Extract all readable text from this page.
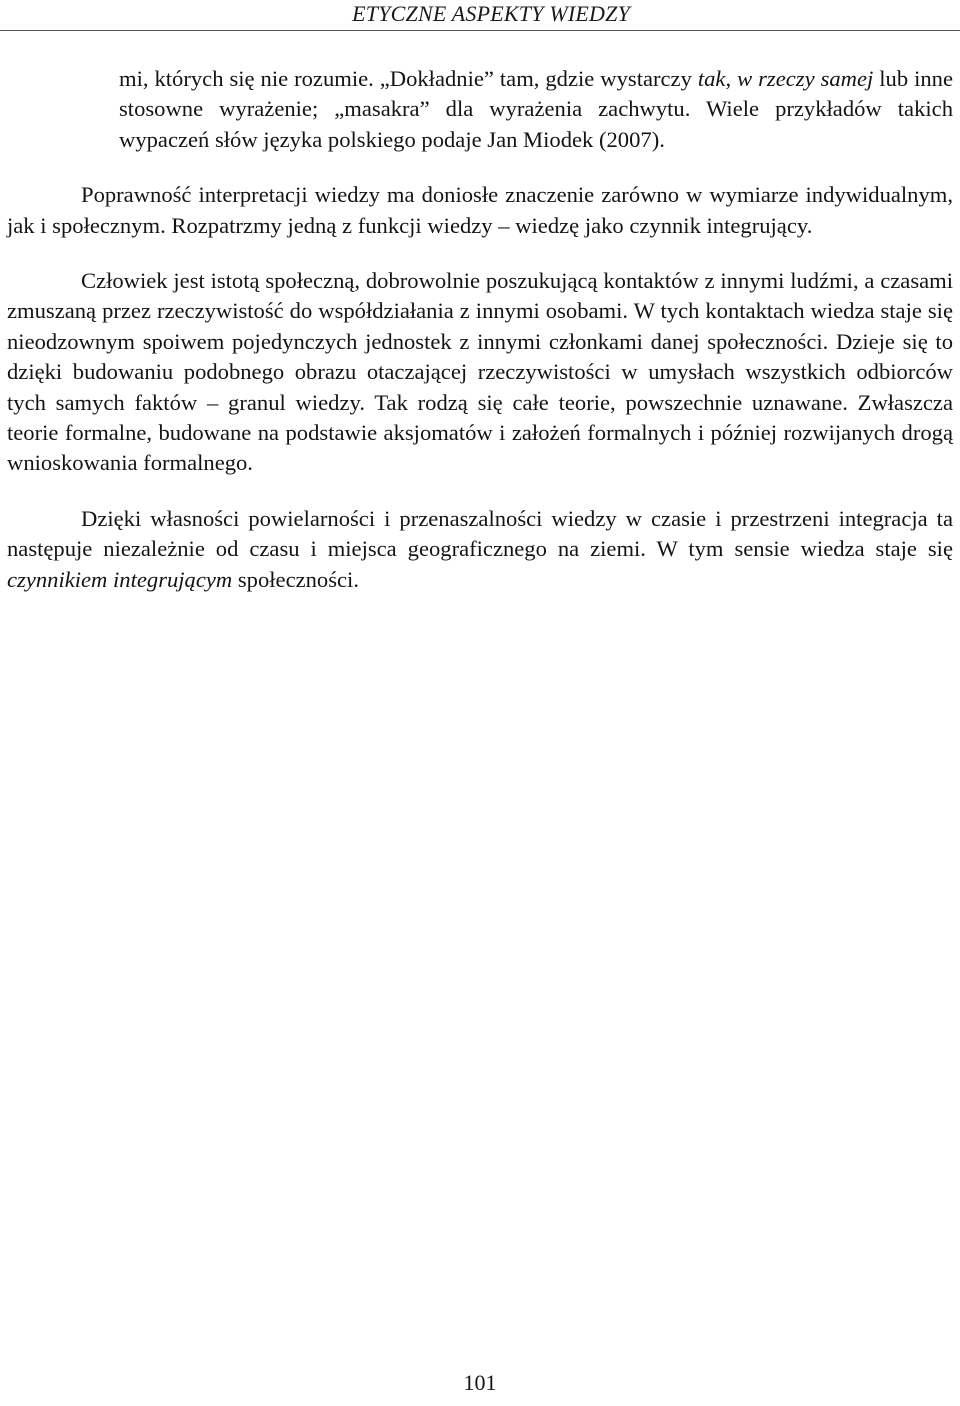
ETYCZNE ASPEKTY WIEDZY

mi, których się nie rozumie. „Dokładnie” tam, gdzie wystarczy tak, w rzeczy samej lub inne stosowne wyrażenie; „masakra” dla wyrażenia zachwytu. Wiele przykładów takich wypaczeń słów języka polskiego podaje Jan Miodek (2007).

Poprawność interpretacji wiedzy ma doniosłe znaczenie zarówno w wymiarze indywidualnym, jak i społecznym. Rozpatrzmy jedną z funkcji wiedzy – wiedzę jako czynnik integrujący.

Człowiek jest istotą społeczną, dobrowolnie poszukującą kontaktów z innymi ludźmi, a czasami zmuszaną przez rzeczywistość do współdziałania z innymi osobami. W tych kontaktach wiedza staje się nieodzownym spoiwem pojedynczych jednostek z innymi członkami danej społeczności. Dzieje się to dzięki budowaniu podobnego obrazu otaczającej rzeczywistości w umysłach wszystkich odbiorców tych samych faktów – granul wiedzy. Tak rodzą się całe teorie, powszechnie uznawane. Zwłaszcza teorie formalne, budowane na podstawie aksjomatów i założeń formalnych i później rozwijanych drogą wnioskowania formalnego.

Dzięki własności powielarności i przenaszalności wiedzy w czasie i przestrzeni integracja ta następuje niezależnie od czasu i miejsca geograficznego na ziemi. W tym sensie wiedza staje się czynnikiem integrującym społeczności.

101
